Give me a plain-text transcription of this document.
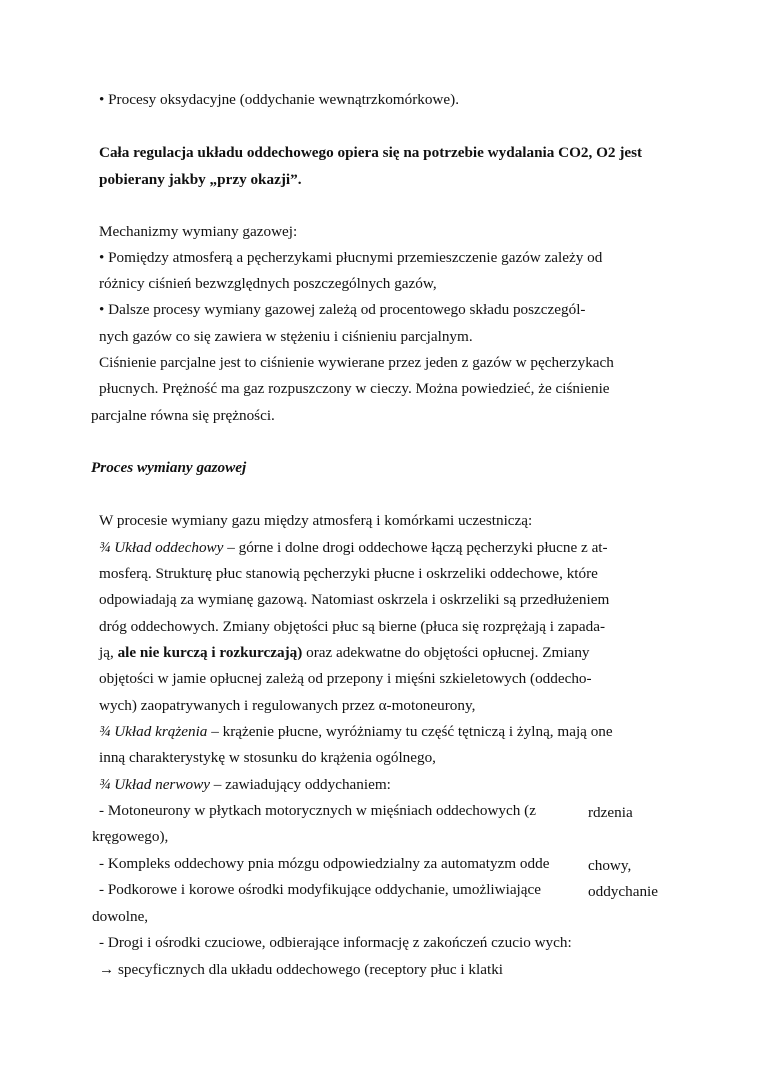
• Procesy oksydacyjne (oddychanie wewnątrzkomórkowe).
Cała regulacja układu oddechowego opiera się na potrzebie wydalania CO2, O2 jest
pobierany jakby „przy okazji”.
Mechanizmy wymiany gazowej:
• Pomiędzy atmosferą a pęcherzykami płucnymi przemieszczenie gazów zależy od
różnicy ciśnień bezwzględnych poszczególnych gazów,
• Dalsze procesy wymiany gazowej zależą od procentowego składu poszczegól-
nych gazów co się zawiera w stężeniu i ciśnieniu parcjalnym.
Ciśnienie parcjalne jest to ciśnienie wywierane przez jeden z gazów w pęcherzykach
płucnych. Prężność ma gaz rozpuszczony w cieczy. Można powiedzieć, że ciśnienie
parcjalne równa się prężności.
Proces wymiany gazowej
W procesie wymiany gazu między atmosferą i komórkami uczestniczą:
¾ Układ oddechowy – górne i dolne drogi oddechowe łączą pęcherzyki płucne z at-
mosferą. Strukturę płuc stanowią pęcherzyki płucne i oskrzeliki oddechowe, które
odpowiadają za wymianę gazową. Natomiast oskrzela i oskrzeliki są przedłużeniem
dróg oddechowych. Zmiany objętości płuc są bierne (płuca się rozprężają i zapada-
ją, ale nie kurczą i rozkurczają) oraz adekwatne do objętości opłucnej. Zmiany
objętości w jamie opłucnej zależą od przepony i mięśni szkieletowych (oddecho-
wych) zaopatrywanych i regulowanych przez α-motoneurony,
¾ Układ krążenia – krążenie płucne, wyróżniamy tu część tętniczą i żylną, mają one
inną charakterystykę w stosunku do krążenia ogólnego,
¾ Układ nerwowy – zawiadujący oddychaniem:
- Motoneurony w płytkach motorycznych w mięśniach oddechowych (z	rdzenia
kręgowego),
- Kompleks oddechowy pnia mózgu odpowiedzialny za automatyzm odde	chowy,
- Podkorowe i korowe ośrodki modyfikujące oddychanie, umożliwiające	oddychanie
dowolne,
- Drogi i ośrodki czuciowe, odbierające informację z zakończeń czucio wych:
→ specyficznych dla układu oddechowego (receptory płuc i klatki
